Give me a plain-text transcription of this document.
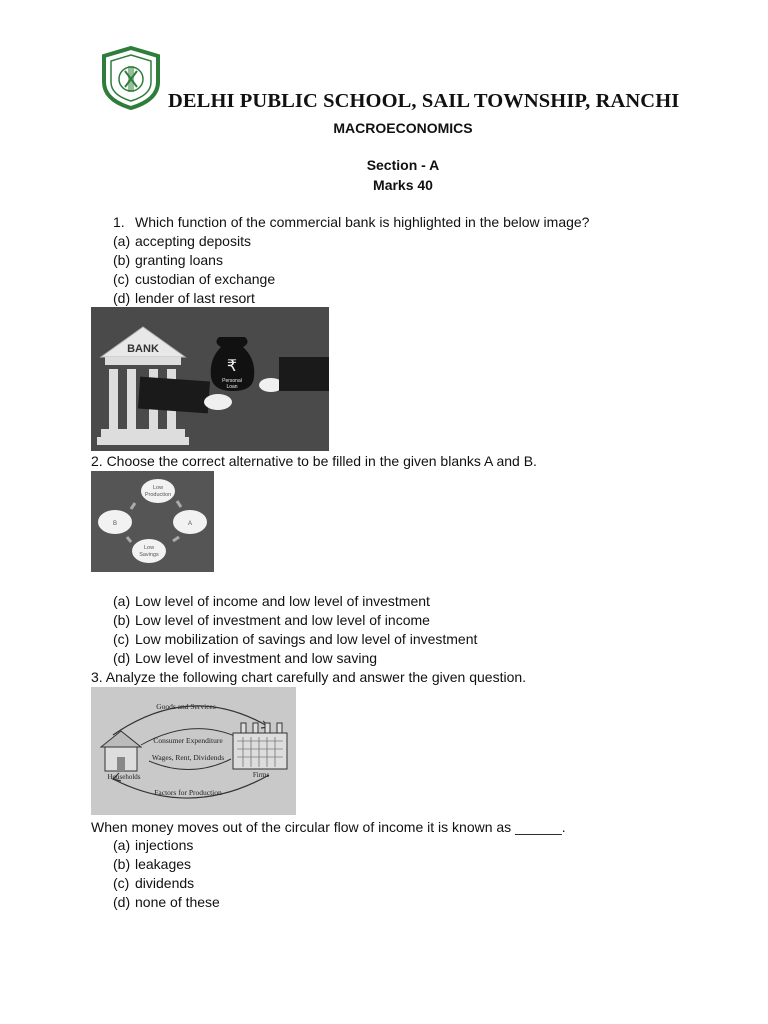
DELHI PUBLIC SCHOOL, SAIL TOWNSHIP, RANCHI
MACROECONOMICS
Section - A
Marks 40
1. Which function of the commercial bank is highlighted in the below image?
(a) accepting deposits
(b) granting loans
(c) custodian of exchange
(d) lender of last resort
BANK
₹
Personal
Loan
2. Choose the correct alternative to be filled in the given blanks A and B.
Low
Production
B	A
Low
Savings
(a) Low level of income and low level of investment
(b) Low level of investment and low level of income
(c) Low mobilization of savings and low level of investment
(d) Low level of investment and low saving
3. Analyze the following chart carefully and answer the given question.
Goods and Services
Consumer Expenditure
Wages, Rent, Dividends
Households	Firms
Factors for Production
When money moves out of the circular flow of income it is known as ______.
(a) injections
(b) leakages
(c) dividends
(d) none of these
